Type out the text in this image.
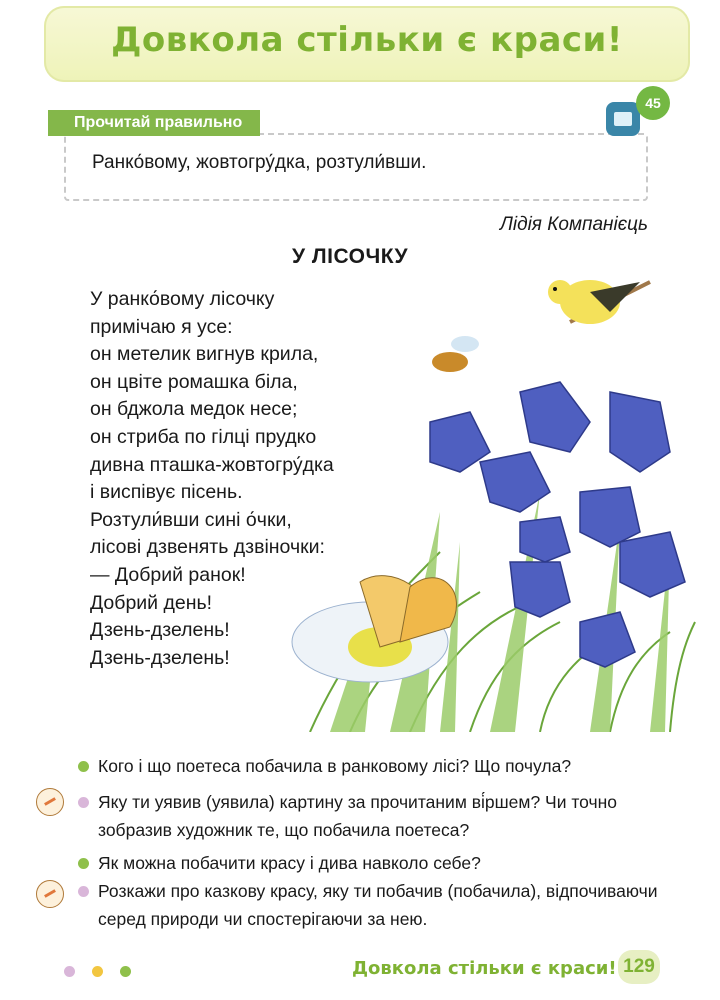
Довкола стільки є краси!
Прочитай правильно
Ранко́вому, жовтогру́дка, розтули́вши.
45
Лідія Компанієць
У ЛІСОЧКУ
У ранко́вому лісочку
примічаю я усе:
он метелик вигнув крила,
он цвіте ромашка біла,
он бджола медок несе;
он стриба по гілці прудко
дивна пташка-жовтогру́дка
і виспівує пісень.
Розтули́вши сині о́чки,
лісові дзвенять дзвіночки:
— Добрий ранок!
Добрий день!
Дзень-дзелень!
Дзень-дзелень!
Кого і що поетеса побачила в ранковому лісі? Що почула?
Яку ти уявив (уявила) картину за прочитаним ві́ршем? Чи точно зобразив художник те, що побачила поетеса?
Як можна побачити красу і дива навколо себе?
Розкажи про казкову красу, яку ти побачив (побачила), відпочиваючи серед природи чи спостерігаючи за нею.
Довкола стільки є краси! 129
